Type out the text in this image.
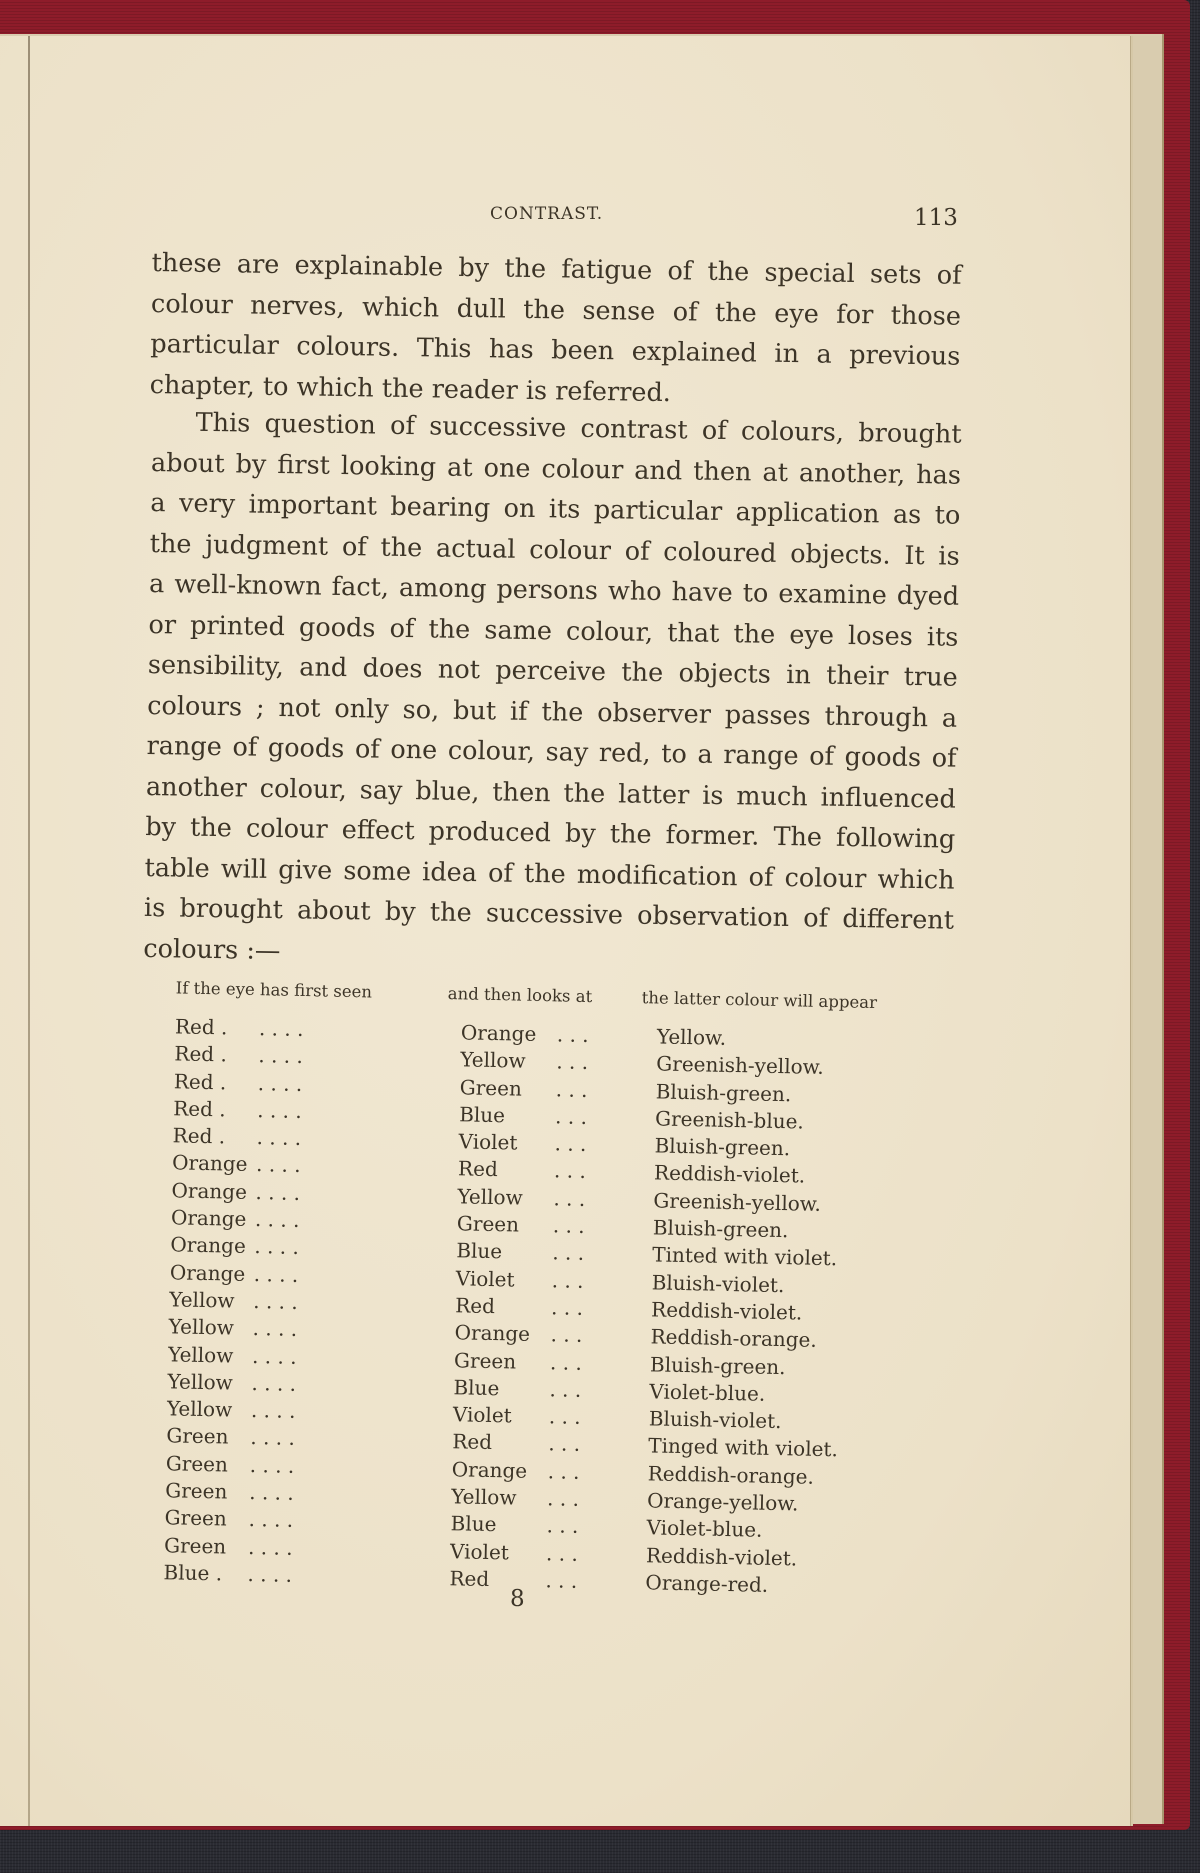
CONTRAST.	113

these are explainable by the fatigue of the special sets of
colour nerves, which dull the sense of the eye for those
particular colours. This has been explained in a previous
chapter, to which the reader is referred.

This question of successive contrast of colours, brought
about by first looking at one colour and then at another, has
a very important bearing on its particular application as to
the judgment of the actual colour of coloured objects. It is
a well-known fact, among persons who have to examine dyed
or printed goods of the same colour, that the eye loses its
sensibility, and does not perceive the objects in their true
colours ; not only so, but if the observer passes through a
range of goods of one colour, say red, to a range of goods of
another colour, say blue, then the latter is much influenced
by the colour effect produced by the former. The following
table will give some idea of the modification of colour which
is brought about by the successive observation of different
colours :—

If the eye has first seen	and then looks at	the latter colour will appear
Red . . . . .	Orange . . .	Yellow.
Red . . . . .	Yellow . . .	Greenish-yellow.
Red . . . . .	Green . . .	Bluish-green.
Red . . . . .	Blue . . .	Greenish-blue.
Red . . . . .	Violet . . .	Bluish-green.
Orange . . . .	Red	. . .	Reddish-violet.
Orange . . . .	Yellow . . .	Greenish-yellow.
Orange . . . .	Green . . .	Bluish-green.
Orange . . . .	Blue . . .	Tinted with violet.
Orange . . . .	Violet . . .	Bluish-violet.
Yellow . . . .	Red	. . .	Reddish-violet.
Yellow . . . .	Orange . . .	Reddish-orange.
Yellow . . . .	Green . . .	Bluish-green.
Yellow . . . .	Blue . . .	Violet-blue.
Yellow . . . .	Violet . . .	Bluish-violet.
Green . . . .	Red	. . .	Tinged with violet.
Green . . . .	Orange . . .	Reddish-orange.
Green . . . .	Yellow . . .	Orange-yellow.
Green . . . .	Blue . . .	Violet-blue.
Green . . . .	Violet . . .	Reddish-violet.
Blue . . . . .	Red	. . .	Orange-red.
8
